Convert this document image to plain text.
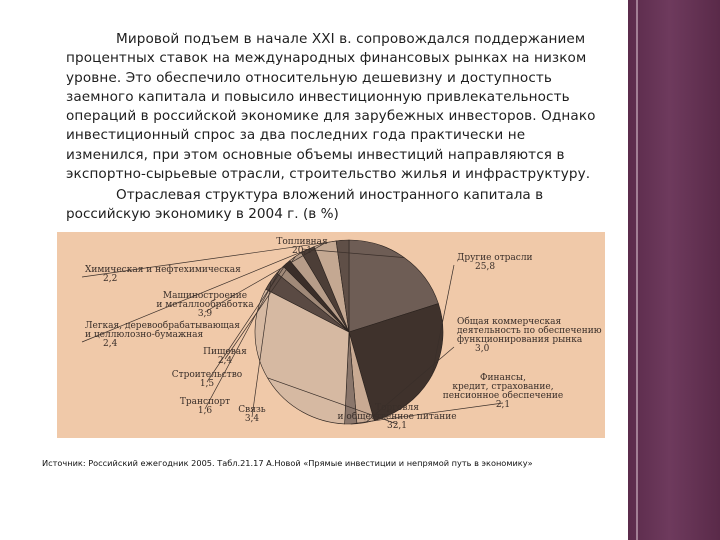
Мировой подъем в начале XXI в. сопровождался поддержанием процентных ставок на международных финансовых рынках на низком уровне. Это обеспечило относительную дешевизну и доступность заемного капитала и повысило инвестиционную привлекательность операций в российской экономике для зарубежных инвесторов. Однако инвестиционный спрос за два последних года практически не изменился, при этом основные объемы инвестиций направляются в экспортно-сырьевые отрасли, строительство жилья и инфраструктуру.

Отраслевая структура вложений иностранного капитала в российскую экономику в 2004 г. (в %)

Топливная 20,1
Другие отрасли 25,8
Общая коммерческая деятельность по обеспечению функционирования рынка 3,0
Финансы, кредит, страхование, пенсионное обеспечение 2,1
Торговля и общественное питание 32,1
Связь 3,4
Транспорт 1,6
Строительство 1,5
Пищевая 2,4
Легкая, деревообрабатывающая и целлюлозно-бумажная 2,4
Машиностроение и металлообработка 3,9
Химическая и нефтехимическая 2,2
Источник: Российский ежегодник 2005. Табл.21.17 А.Новой «Прямые инвестиции и непрямой путь в экономику»
